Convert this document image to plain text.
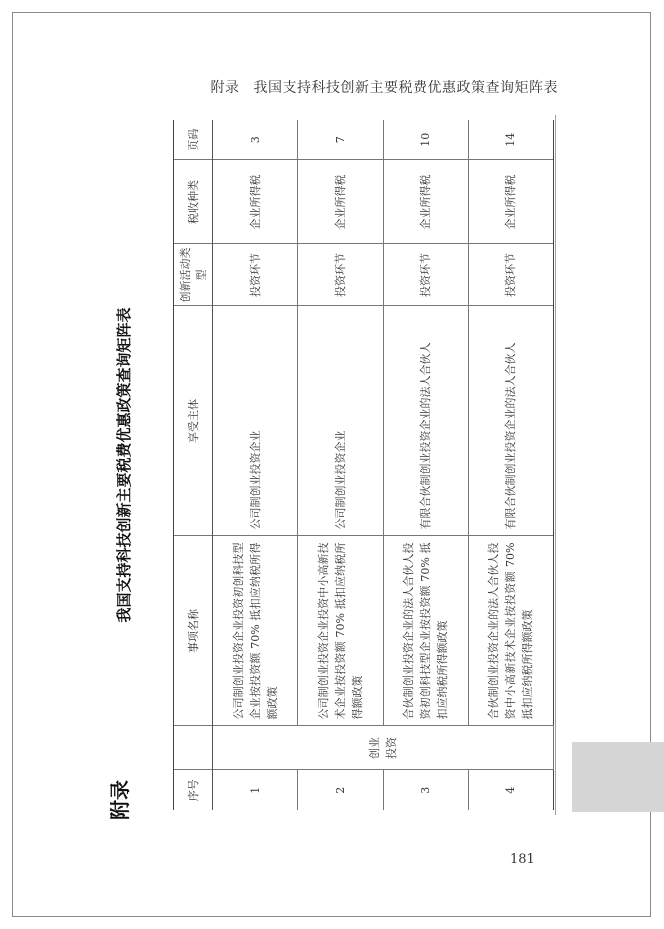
附录 我国支持科技创新主要税费优惠政策查询矩阵表
附录
我国支持科技创新主要税费优惠政策查询矩阵表
序号		事项名称	享受主体	创新活动类型	税收种类	页码
1	创业投资	公司制创业投资企业投资初创科技型企业按投资额 70% 抵扣应纳税所得额政策	公司制创业投资企业	投资环节	企业所得税	3
2		公司制创业投资企业投资中小高新技术企业按投资额 70% 抵扣应纳税所得额政策	公司制创业投资企业	投资环节	企业所得税	7
3		合伙制创业投资企业的法人合伙人投资初创科技型企业按投资额 70% 抵扣应纳税所得额政策	有限合伙制创业投资企业的法人合伙人	投资环节	企业所得税	10
4		合伙制创业投资企业的法人合伙人投资中小高新技术企业按投资额 70% 抵扣应纳税所得额政策	有限合伙制创业投资企业的法人合伙人	投资环节	企业所得税	14
181
